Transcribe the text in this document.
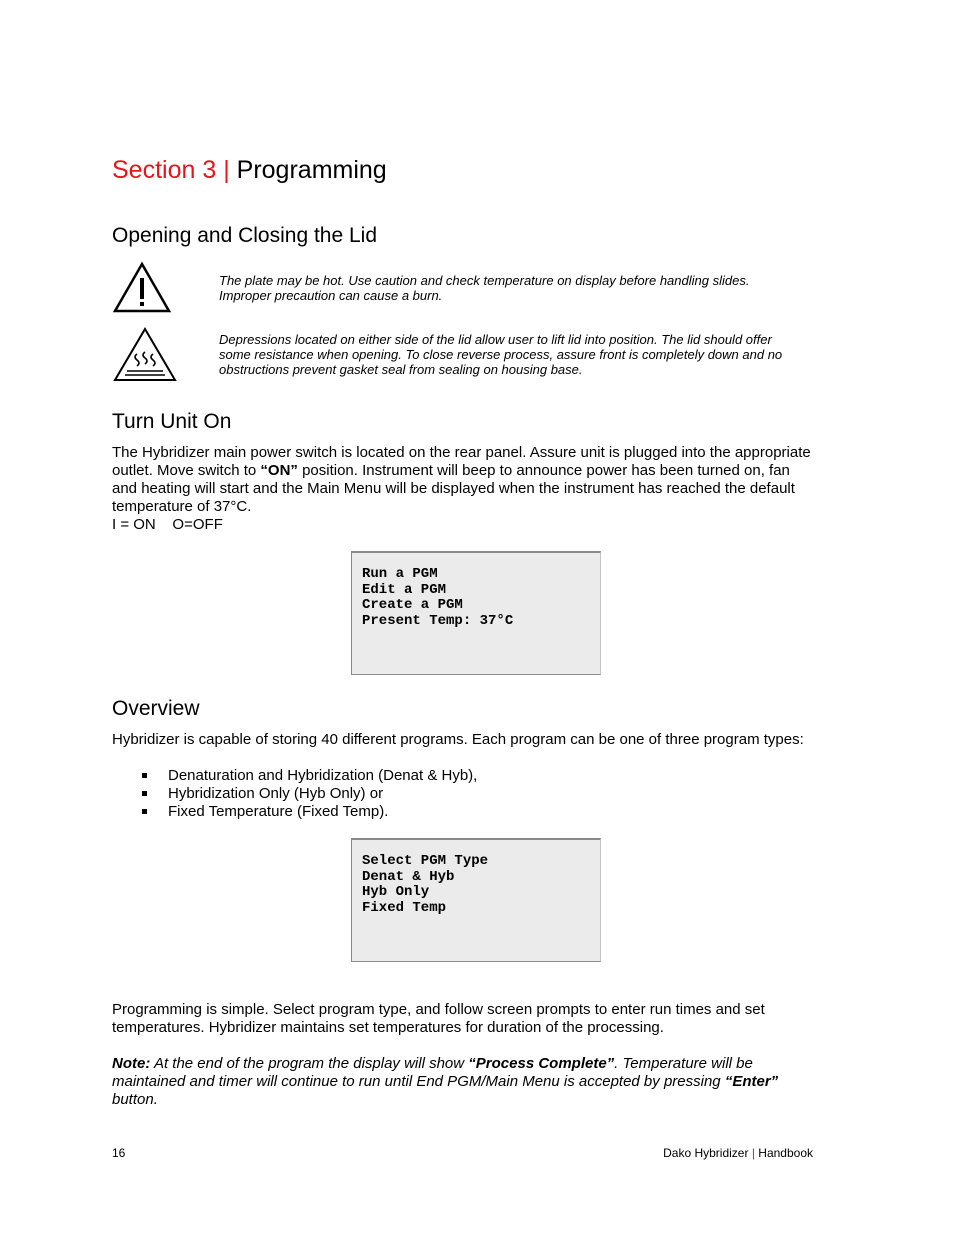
Section 3 | Programming
Opening and Closing the Lid
The plate may be hot. Use caution and check temperature on display before handling slides.
Improper precaution can cause a burn.
Depressions located on either side of the lid allow user to lift lid into position. The lid should offer
some resistance when opening. To close reverse process, assure front is completely down and no
obstructions prevent gasket seal from sealing on housing base.
Turn Unit On
The Hybridizer main power switch is located on the rear panel. Assure unit is plugged into the appropriate
outlet. Move switch to “ON” position. Instrument will beep to announce power has been turned on, fan
and heating will start and the Main Menu will be displayed when the instrument has reached the default
temperature of 37°C.
I = ON    O=OFF
Run a PGM
Edit a PGM
Create a PGM
Present Temp: 37°C
Overview
Hybridizer is capable of storing 40 different programs. Each program can be one of three program types:
Denaturation and Hybridization (Denat & Hyb),
Hybridization Only (Hyb Only) or
Fixed Temperature (Fixed Temp).
Select PGM Type
Denat & Hyb
Hyb Only
Fixed Temp
Programming is simple. Select program type, and follow screen prompts to enter run times and set
temperatures. Hybridizer maintains set temperatures for duration of the processing.
Note: At the end of the program the display will show “Process Complete”. Temperature will be
maintained and timer will continue to run until End PGM/Main Menu is accepted by pressing “Enter”
button.
16	Dako Hybridizer | Handbook
